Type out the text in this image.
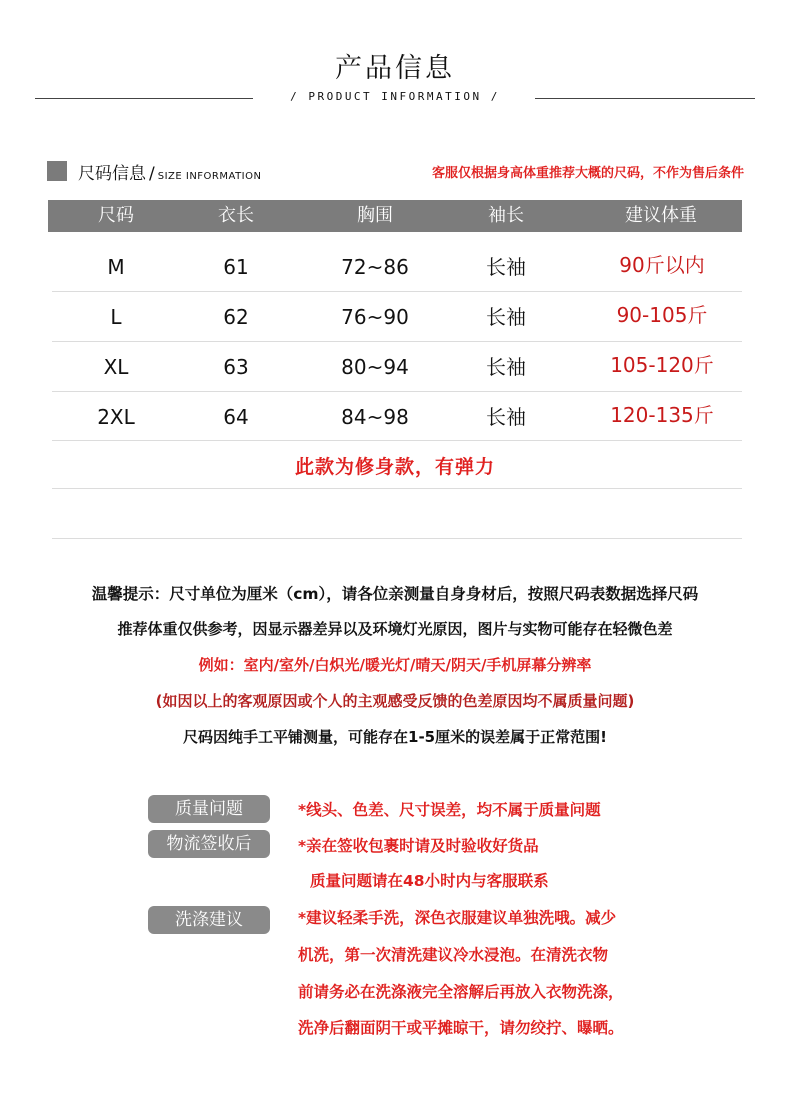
产品信息
/ PRODUCT INFORMATION /
尺码信息 / SIZE INFORMATION	客服仅根据身高体重推荐大概的尺码，不作为售后条件
尺码	衣长	胸围	袖长	建议体重
M	61	72~86	长袖	90斤以内
L	62	76~90	长袖	90-105斤
XL	63	80~94	长袖	105-120斤
2XL	64	84~98	长袖	120-135斤
此款为修身款，有弹力
温馨提示：尺寸单位为厘米（cm），请各位亲测量自身身材后，按照尺码表数据选择尺码
推荐体重仅供参考，因显示器差异以及环境灯光原因，图片与实物可能存在轻微色差
例如：室内/室外/白炽光/暖光灯/晴天/阴天/手机屏幕分辨率
(如因以上的客观原因或个人的主观感受反馈的色差原因均不属质量问题)
尺码因纯手工平铺测量，可能存在1-5厘米的误差属于正常范围!
质量问题	*线头、色差、尺寸误差，均不属于质量问题
物流签收后	*亲在签收包裹时请及时验收好货品
质量问题请在48小时内与客服联系
洗涤建议	*建议轻柔手洗，深色衣服建议单独洗哦。减少
机洗，第一次清洗建议冷水浸泡。在清洗衣物
前请务必在洗涤液完全溶解后再放入衣物洗涤，
洗净后翻面阴干或平摊晾干，请勿绞拧、曝晒。
